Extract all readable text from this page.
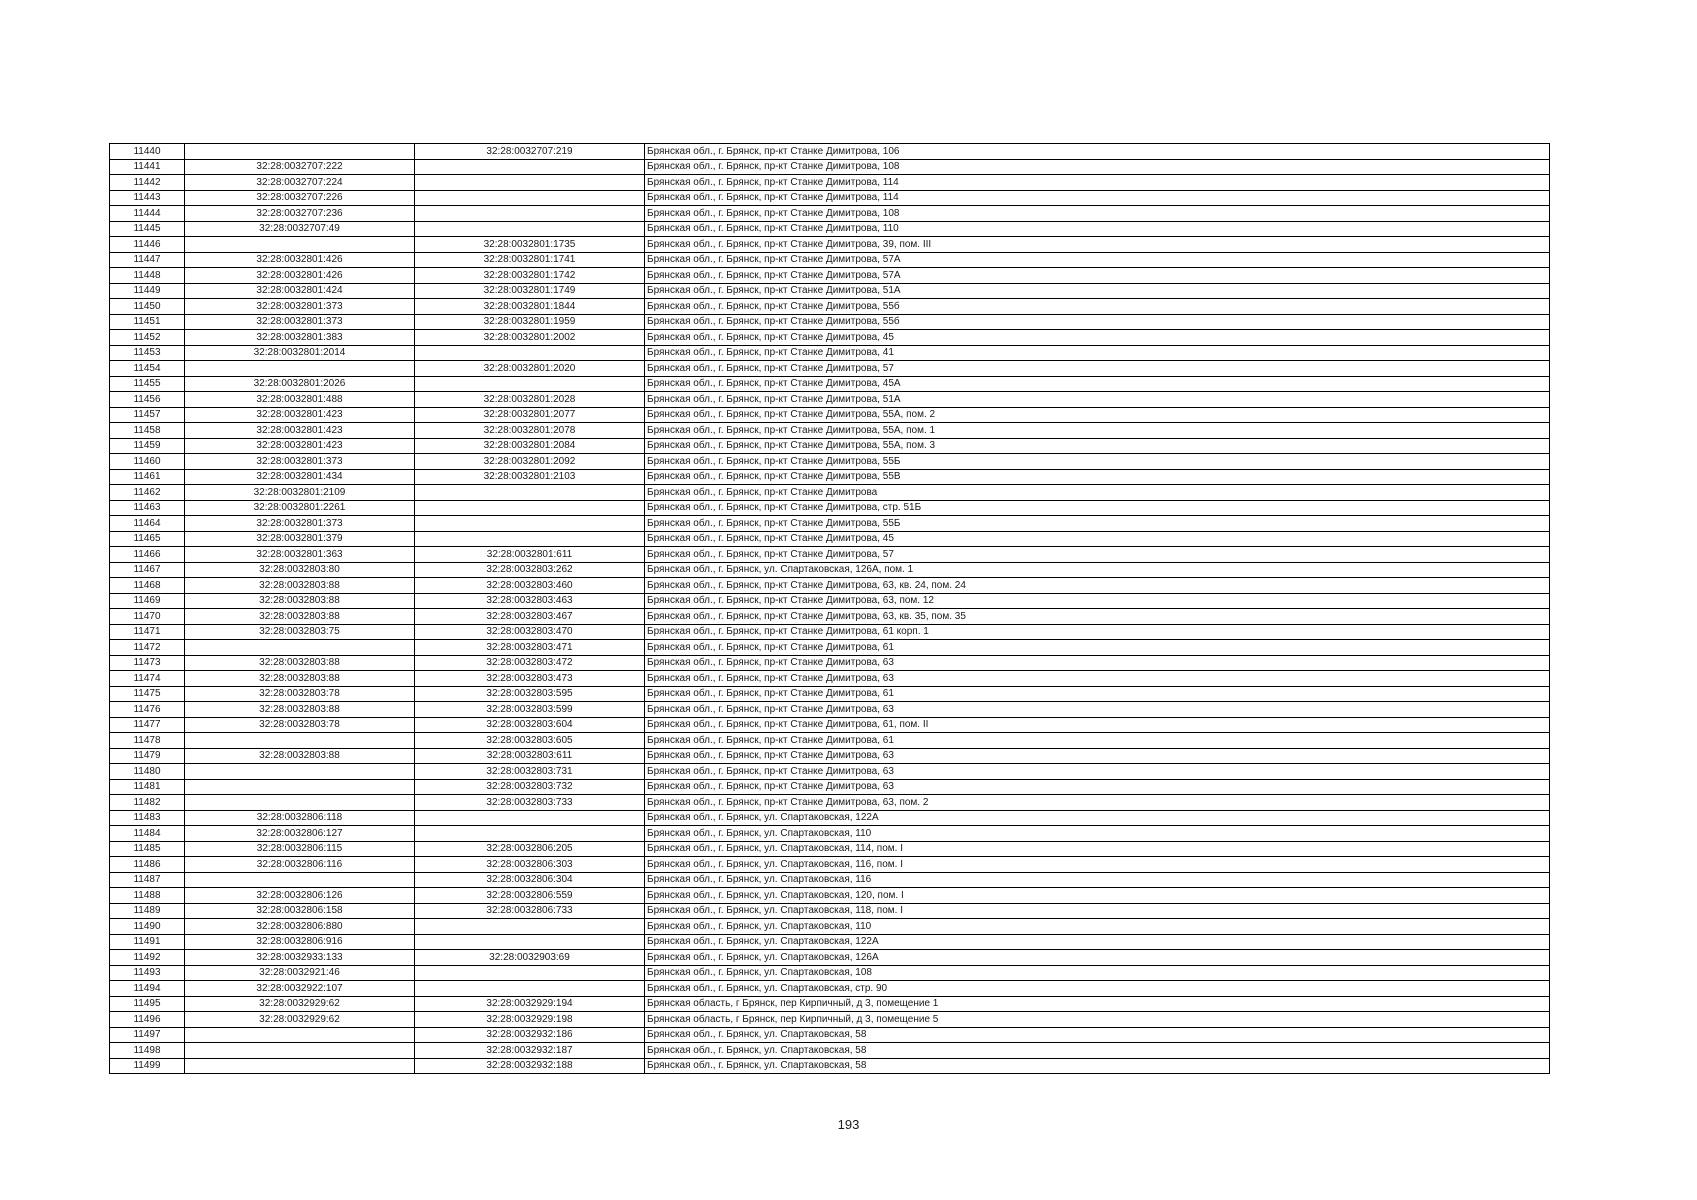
11440		32:28:0032707:219	Брянская обл., г. Брянск, пр-кт Станке Димитрова, 106
11441	32:28:0032707:222		Брянская обл., г. Брянск, пр-кт Станке Димитрова, 108
11442	32:28:0032707:224		Брянская обл., г. Брянск, пр-кт Станке Димитрова, 114
11443	32:28:0032707:226		Брянская обл., г. Брянск, пр-кт Станке Димитрова, 114
11444	32:28:0032707:236		Брянская обл., г. Брянск, пр-кт Станке Димитрова, 108
11445	32:28:0032707:49		Брянская обл., г. Брянск, пр-кт Станке Димитрова, 110
11446		32:28:0032801:1735	Брянская обл., г. Брянск, пр-кт Станке Димитрова, 39, пом. III
11447	32:28:0032801:426	32:28:0032801:1741	Брянская обл., г. Брянск, пр-кт Станке Димитрова, 57А
11448	32:28:0032801:426	32:28:0032801:1742	Брянская обл., г. Брянск, пр-кт Станке Димитрова, 57А
11449	32:28:0032801:424	32:28:0032801:1749	Брянская обл., г. Брянск, пр-кт Станке Димитрова, 51А
11450	32:28:0032801:373	32:28:0032801:1844	Брянская обл., г. Брянск, пр-кт Станке Димитрова, 55б
11451	32:28:0032801:373	32:28:0032801:1959	Брянская обл., г. Брянск, пр-кт Станке Димитрова, 55б
11452	32:28:0032801:383	32:28:0032801:2002	Брянская обл., г. Брянск, пр-кт Станке Димитрова, 45
11453	32:28:0032801:2014		Брянская обл., г. Брянск, пр-кт Станке Димитрова, 41
11454		32:28:0032801:2020	Брянская обл., г. Брянск, пр-кт Станке Димитрова, 57
11455	32:28:0032801:2026		Брянская обл., г. Брянск, пр-кт Станке Димитрова, 45А
11456	32:28:0032801:488	32:28:0032801:2028	Брянская обл., г. Брянск, пр-кт Станке Димитрова, 51А
11457	32:28:0032801:423	32:28:0032801:2077	Брянская обл., г. Брянск, пр-кт Станке Димитрова, 55А, пом. 2
11458	32:28:0032801:423	32:28:0032801:2078	Брянская обл., г. Брянск, пр-кт Станке Димитрова, 55А, пом. 1
11459	32:28:0032801:423	32:28:0032801:2084	Брянская обл., г. Брянск, пр-кт Станке Димитрова, 55А, пом. 3
11460	32:28:0032801:373	32:28:0032801:2092	Брянская обл., г. Брянск, пр-кт Станке Димитрова, 55Б
11461	32:28:0032801:434	32:28:0032801:2103	Брянская обл., г. Брянск, пр-кт Станке Димитрова, 55В
11462	32:28:0032801:2109		Брянская обл., г. Брянск, пр-кт Станке Димитрова
11463	32:28:0032801:2261		Брянская обл., г. Брянск, пр-кт Станке Димитрова, стр. 51Б
11464	32:28:0032801:373		Брянская обл., г. Брянск, пр-кт Станке Димитрова, 55Б
11465	32:28:0032801:379		Брянская обл., г. Брянск, пр-кт Станке Димитрова, 45
11466	32:28:0032801:363	32:28:0032801:611	Брянская обл., г. Брянск, пр-кт Станке Димитрова, 57
11467	32:28:0032803:80	32:28:0032803:262	Брянская обл., г. Брянск, ул. Спартаковская, 126А, пом. 1
11468	32:28:0032803:88	32:28:0032803:460	Брянская обл., г. Брянск, пр-кт Станке Димитрова, 63, кв. 24, пом. 24
11469	32:28:0032803:88	32:28:0032803:463	Брянская обл., г. Брянск, пр-кт Станке Димитрова, 63, пом. 12
11470	32:28:0032803:88	32:28:0032803:467	Брянская обл., г. Брянск, пр-кт Станке Димитрова, 63, кв. 35, пом. 35
11471	32:28:0032803:75	32:28:0032803:470	Брянская обл., г. Брянск, пр-кт Станке Димитрова, 61 корп. 1
11472		32:28:0032803:471	Брянская обл., г. Брянск, пр-кт Станке Димитрова, 61
11473	32:28:0032803:88	32:28:0032803:472	Брянская обл., г. Брянск, пр-кт Станке Димитрова, 63
11474	32:28:0032803:88	32:28:0032803:473	Брянская обл., г. Брянск, пр-кт Станке Димитрова, 63
11475	32:28:0032803:78	32:28:0032803:595	Брянская обл., г. Брянск, пр-кт Станке Димитрова, 61
11476	32:28:0032803:88	32:28:0032803:599	Брянская обл., г. Брянск, пр-кт Станке Димитрова, 63
11477	32:28:0032803:78	32:28:0032803:604	Брянская обл., г. Брянск, пр-кт Станке Димитрова, 61, пом. II
11478		32:28:0032803:605	Брянская обл., г. Брянск, пр-кт Станке Димитрова, 61
11479	32:28:0032803:88	32:28:0032803:611	Брянская обл., г. Брянск, пр-кт Станке Димитрова, 63
11480		32:28:0032803:731	Брянская обл., г. Брянск, пр-кт Станке Димитрова, 63
11481		32:28:0032803:732	Брянская обл., г. Брянск, пр-кт Станке Димитрова, 63
11482		32:28:0032803:733	Брянская обл., г. Брянск, пр-кт Станке Димитрова, 63, пом. 2
11483	32:28:0032806:118		Брянская обл., г. Брянск, ул. Спартаковская, 122А
11484	32:28:0032806:127		Брянская обл., г. Брянск, ул. Спартаковская, 110
11485	32:28:0032806:115	32:28:0032806:205	Брянская обл., г. Брянск, ул. Спартаковская, 114, пом. I
11486	32:28:0032806:116	32:28:0032806:303	Брянская обл., г. Брянск, ул. Спартаковская, 116, пом. I
11487		32:28:0032806:304	Брянская обл., г. Брянск, ул. Спартаковская, 116
11488	32:28:0032806:126	32:28:0032806:559	Брянская обл., г. Брянск, ул. Спартаковская, 120, пом. I
11489	32:28:0032806:158	32:28:0032806:733	Брянская обл., г. Брянск, ул. Спартаковская, 118, пом. I
11490	32:28:0032806:880		Брянская обл., г. Брянск, ул. Спартаковская, 110
11491	32:28:0032806:916		Брянская обл., г. Брянск, ул. Спартаковская, 122А
11492	32:28:0032933:133	32:28:0032903:69	Брянская обл., г. Брянск, ул. Спартаковская, 126А
11493	32:28:0032921:46		Брянская обл., г. Брянск, ул. Спартаковская, 108
11494	32:28:0032922:107		Брянская обл., г. Брянск, ул. Спартаковская, стр. 90
11495	32:28:0032929:62	32:28:0032929:194	Брянская область, г Брянск, пер Кирпичный, д 3, помещение 1
11496	32:28:0032929:62	32:28:0032929:198	Брянская область, г Брянск, пер Кирпичный, д 3, помещение 5
11497		32:28:0032932:186	Брянская обл., г. Брянск, ул. Спартаковская, 58
11498		32:28:0032932:187	Брянская обл., г. Брянск, ул. Спартаковская, 58
11499		32:28:0032932:188	Брянская обл., г. Брянск, ул. Спартаковская, 58
193
